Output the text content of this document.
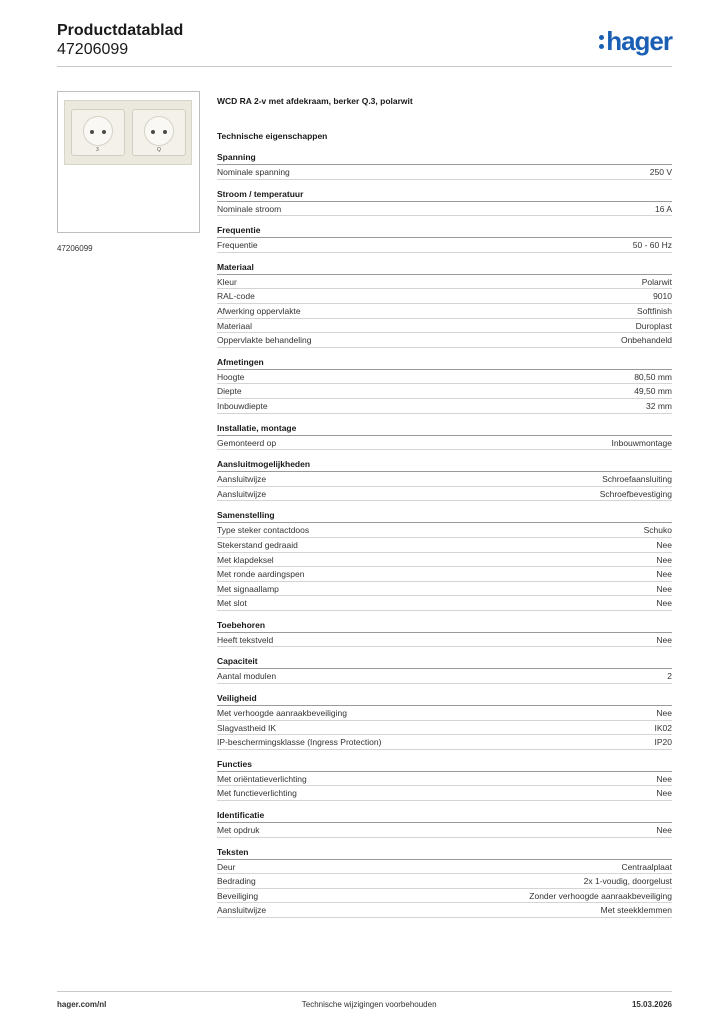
Productdatablad
47206099	hager
3	Q
47206099
WCD RA 2-v met afdekraam, berker Q.3, polarwit
Technische eigenschappen
Spanning
Nominale spanning	250 V
Stroom / temperatuur
Nominale stroom	16 A
Frequentie
Frequentie	50 - 60 Hz
Materiaal
Kleur	Polarwit
RAL-code	9010
Afwerking oppervlakte	Softfinish
Materiaal	Duroplast
Oppervlakte behandeling	Onbehandeld
Afmetingen
Hoogte	80,50 mm
Diepte	49,50 mm
Inbouwdiepte	32 mm
Installatie, montage
Gemonteerd op	Inbouwmontage
Aansluitmogelijkheden
Aansluitwijze	Schroefaansluiting
Aansluitwijze	Schroefbevestiging
Samenstelling
Type steker contactdoos	Schuko
Stekerstand gedraaid	Nee
Met klapdeksel	Nee
Met ronde aardingspen	Nee
Met signaallamp	Nee
Met slot	Nee
Toebehoren
Heeft tekstveld	Nee
Capaciteit
Aantal modulen	2
Veiligheid
Met verhoogde aanraakbeveiliging	Nee
Slagvastheid IK	IK02
IP-beschermingsklasse (Ingress Protection)	IP20
Functies
Met oriëntatieverlichting	Nee
Met functieverlichting	Nee
Identificatie
Met opdruk	Nee
Teksten
Deur	Centraalplaat
Bedrading	2x 1-voudig, doorgelust
Beveiliging	Zonder verhoogde aanraakbeveiliging
Aansluitwijze	Met steekklemmen
hager.com/nl	Technische wijzigingen voorbehouden	15.03.2026
